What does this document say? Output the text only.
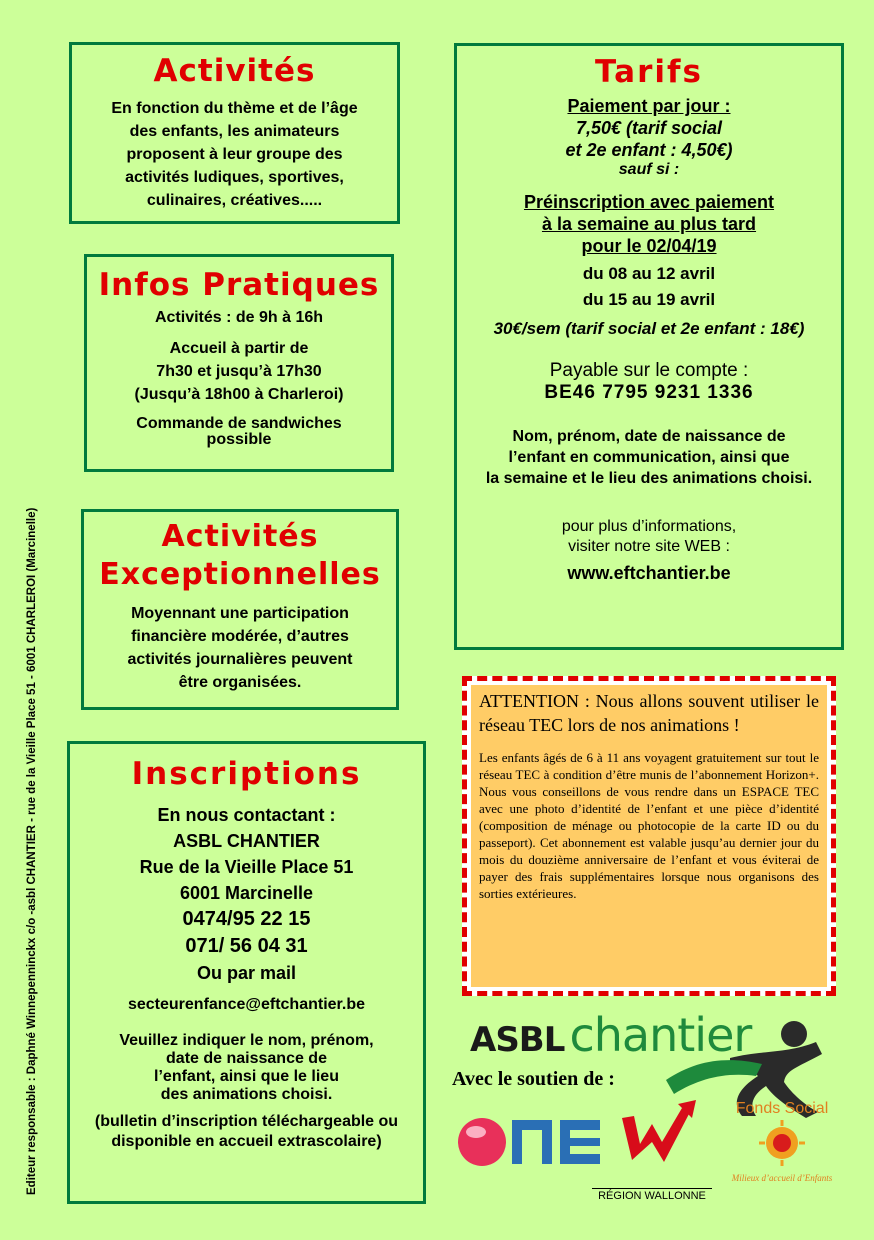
Activités
En fonction du thème et de l’âge
des enfants, les animateurs
proposent à leur groupe des
activités ludiques, sportives,
culinaires, créatives.....
Infos Pratiques
Activités : de 9h à 16h
Accueil à partir de
7h30 et jusqu’à 17h30
(Jusqu’à 18h00 à Charleroi)
Commande de sandwiches
possible
Activités
Exceptionnelles
Moyennant une participation
financière modérée, d’autres
activités journalières peuvent
être organisées.
Inscriptions
En nous contactant :
ASBL CHANTIER
Rue de la Vieille Place 51
6001 Marcinelle
0474/95 22 15
071/ 56 04 31
Ou par mail
secteurenfance@eftchantier.be
Veuillez indiquer le nom, prénom,
date de naissance de
l’enfant, ainsi que le lieu
des animations choisi.
(bulletin d’inscription téléchargeable ou
disponible en accueil extrascolaire)
Tarifs
Paiement par jour :
7,50€ (tarif social
et 2e enfant : 4,50€)
sauf si :
Préinscription avec paiement
à la semaine au plus tard
pour le 02/04/19
du 08 au 12 avril
du 15 au 19 avril
30€/sem (tarif social et 2e enfant : 18€)
Payable sur le compte :
BE46 7795 9231 1336
Nom, prénom, date de naissance de
l’enfant en communication, ainsi que
la semaine et le lieu des animations choisi.
pour plus d’informations,
visiter notre site WEB :
www.eftchantier.be
ATTENTION : Nous allons souvent utiliser le réseau TEC lors de nos animations !
Les enfants âgés de 6 à 11 ans voyagent gratuitement sur tout le réseau TEC à condition d’être munis de l’abonnement Horizon+. Nous vous conseillons de vous rendre dans un ESPACE TEC avec une photo d’identité de l’enfant et une pièce d’identité (composition de ménage ou photocopie de la carte ID ou du passeport). Cet abonnement est valable jusqu’au dernier jour du mois du douzième anniversaire de l’enfant et vous éviterai de payer des frais supplémentaires lorsque nous organisons des sorties extérieures.
Editeur responsable : Daphné Winnepenninckx c/o -asbl CHANTIER - rue de la Vieille Place 51 - 6001 CHARLEROI (Marcinelle)	ASBL chantier
Avec le soutien de :
ONE
RÉGION WALLONNE
Fonds Social
Milieux d’accueil d’Enfants
